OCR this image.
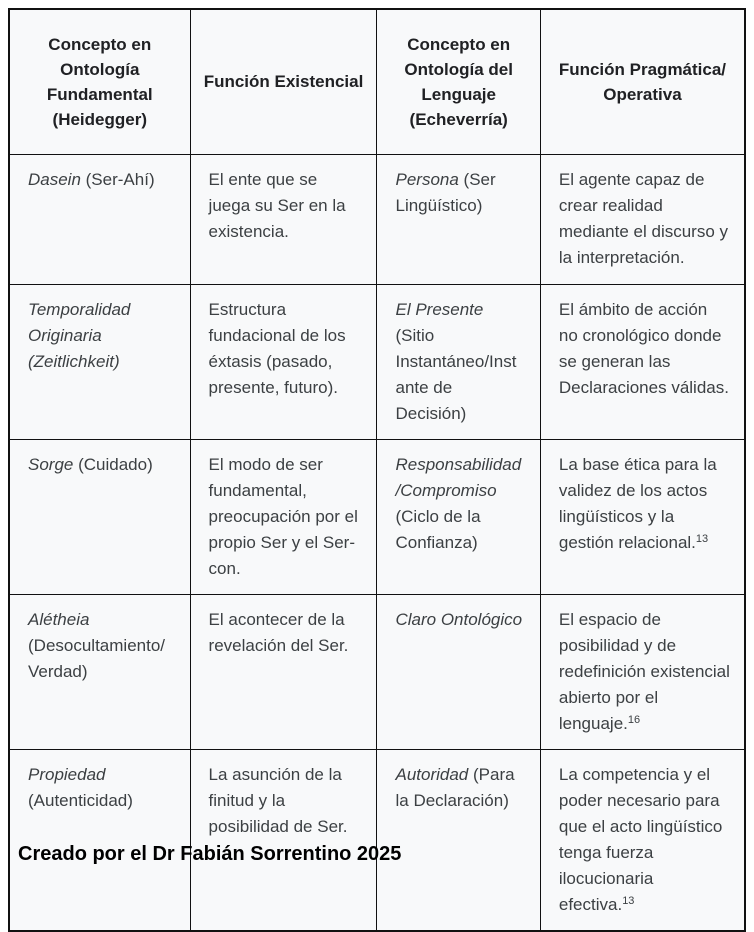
Concepto en Ontología Fundamental (Heidegger)	Función Existencial	Concepto en Ontología del Lenguaje (Echeverría)	Función Pragmática/ Operativa
Dasein (Ser-Ahí)	El ente que se juega su Ser en la existencia.	Persona (Ser Lingüístico)	El agente capaz de crear realidad mediante el discurso y la interpretación.
Temporalidad Originaria (Zeitlichkeit)	Estructura fundacional de los éxtasis (pasado, presente, futuro).	El Presente (Sitio Instantáneo/Instante de Decisión)	El ámbito de acción no cronológico donde se generan las Declaraciones válidas.
Sorge (Cuidado)	El modo de ser fundamental, preocupación por el propio Ser y el Ser-con.	Responsabilidad/Compromiso (Ciclo de la Confianza)	La base ética para la validez de los actos lingüísticos y la gestión relacional.$^{13}$
Alétheia (Desocultamiento/Verdad)	El acontecer de la revelación del Ser.	Claro Ontológico	El espacio de posibilidad y de redefinición existencial abierto por el lenguaje.$^{16}$
Propiedad (Autenticidad)	La asunción de la finitud y la posibilidad de Ser.	Autoridad (Para la Declaración)	La competencia y el poder necesario para que el acto lingüístico tenga fuerza ilocucionaria efectiva.$^{13}$
Creado por el Dr Fabián Sorrentino 2025
